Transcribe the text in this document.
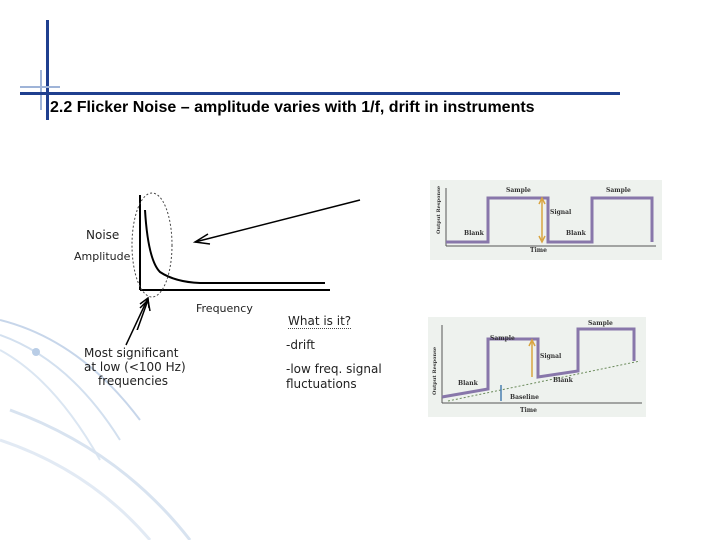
2.2 Flicker Noise – amplitude varies with 1/f, drift in instruments
Noise
Amplitude
Frequency
Most significant
at low (<100 Hz)
frequencies
What is it?
-drift
-low freq. signal
fluctuations
Output Response	Sample	Sample
Signal
Blank	Blank
Time
Output Response
Sample
Sample
Signal
Blank	Blank
Baseline
Time
